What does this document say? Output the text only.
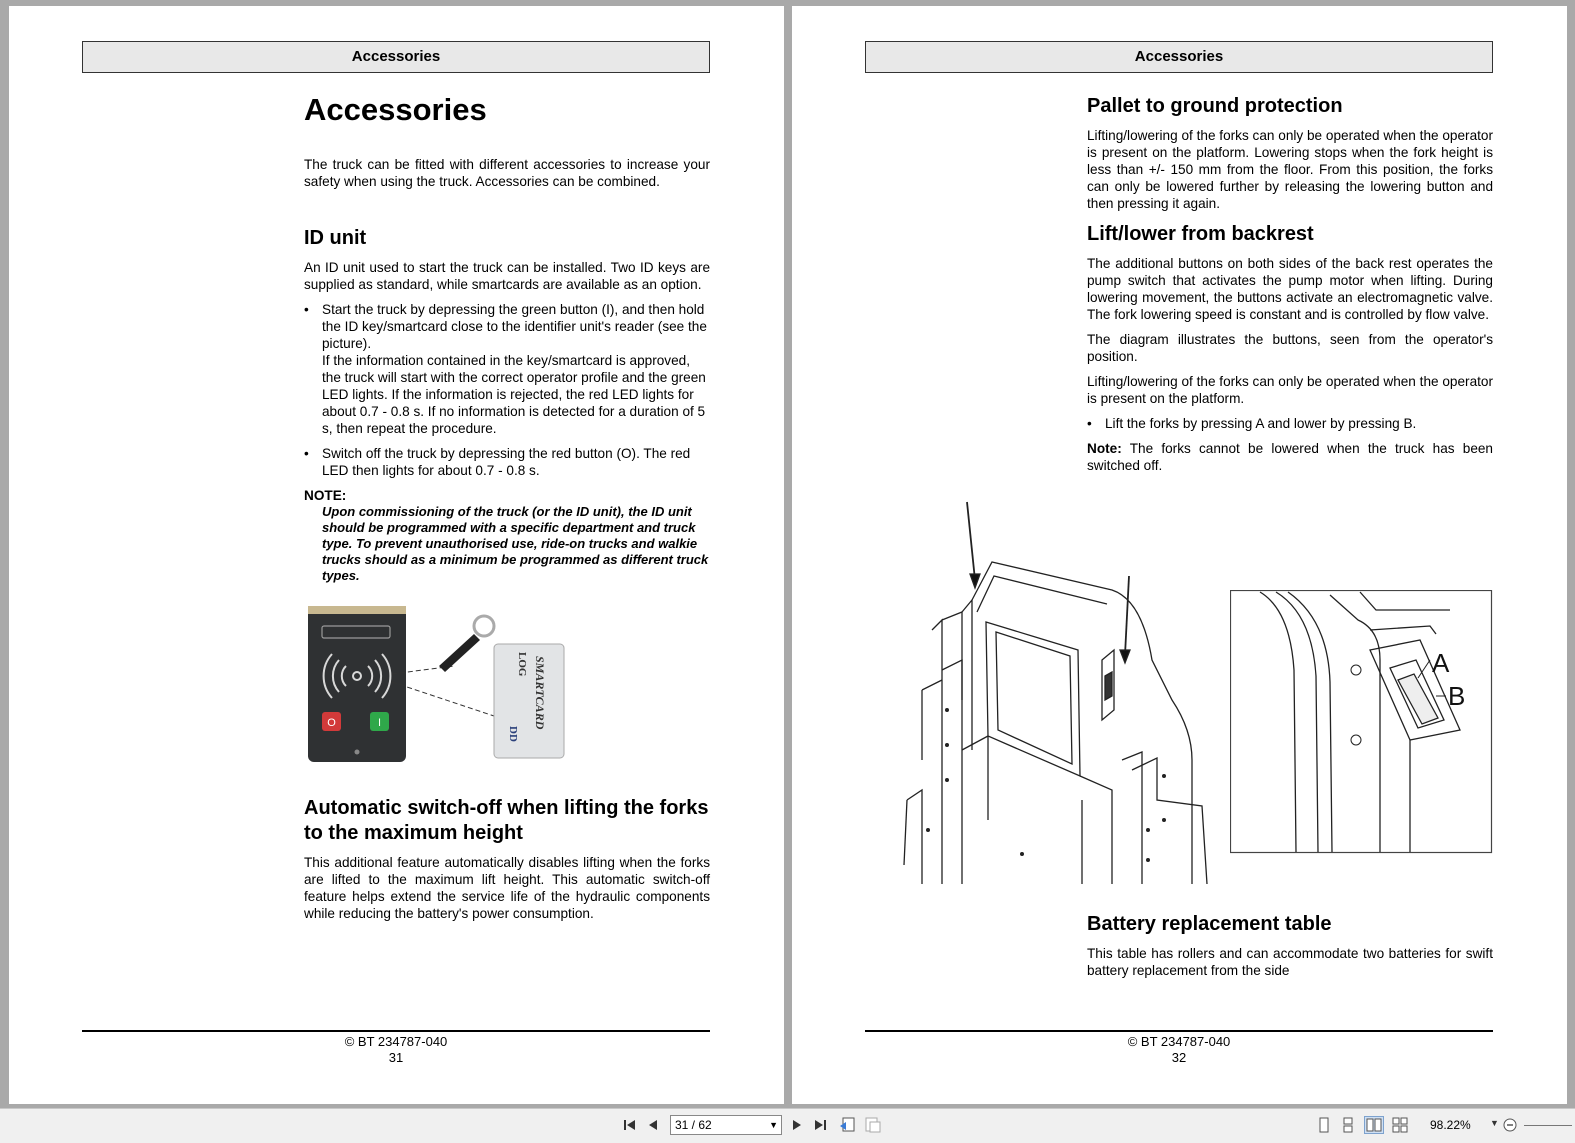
Accessories
Accessories
The truck can be fitted with different accessories to increase your safety when using the truck. Accessories can be combined.
ID unit
An ID unit used to start the truck can be installed. Two ID keys are supplied as standard, while smartcards are available as an option.
• Start the truck by depressing the green button (I), and then hold the ID key/smartcard close to the identifier unit's reader (see the picture).
If the information contained in the key/smartcard is approved, the truck will start with the correct operator profile and the green LED lights. If the information is rejected, the red LED lights for about 0.7 - 0.8 s. If no information is detected for a duration of 5 s, then repeat the procedure.
• Switch off the truck by depressing the red button (O). The red LED then lights for about 0.7 - 0.8 s.
NOTE:
Upon commissioning of the truck (or the ID unit), the ID unit should be programmed with a specific department and truck type. To prevent unauthorised use, ride-on trucks and walkie trucks should as a minimum be programmed as different truck types.
O	I
LOG SMARTCARD
DD
Automatic switch-off when lifting the forks to the maximum height
This additional feature automatically disables lifting when the forks are lifted to the maximum lift height. This automatic switch-off feature helps extend the service life of the hydraulic components while reducing the battery's power consumption.
© BT 234787-040
31
Accessories
Pallet to ground protection
Lifting/lowering of the forks can only be operated when the operator is present on the platform. Lowering stops when the fork height is less than +/- 150 mm from the floor. From this position, the forks can only be lowered further by releasing the lowering button and then pressing it again.
Lift/lower from backrest
The additional buttons on both sides of the back rest operates the pump switch that activates the pump motor when lifting. During lowering movement, the buttons activate an electromagnetic valve. The fork lowering speed is constant and is controlled by flow valve.
The diagram illustrates the buttons, seen from the operator's position.
Lifting/lowering of the forks can only be operated when the operator is present on the platform.
• Lift the forks by pressing A and lower by pressing B.
Note: The forks cannot be lowered when the truck has been switched off.
A
B
Battery replacement table
This table has rollers and can accommodate two batteries for swift battery replacement from the side
© BT 234787-040
32
31 / 62	▼	98.22% ▼
